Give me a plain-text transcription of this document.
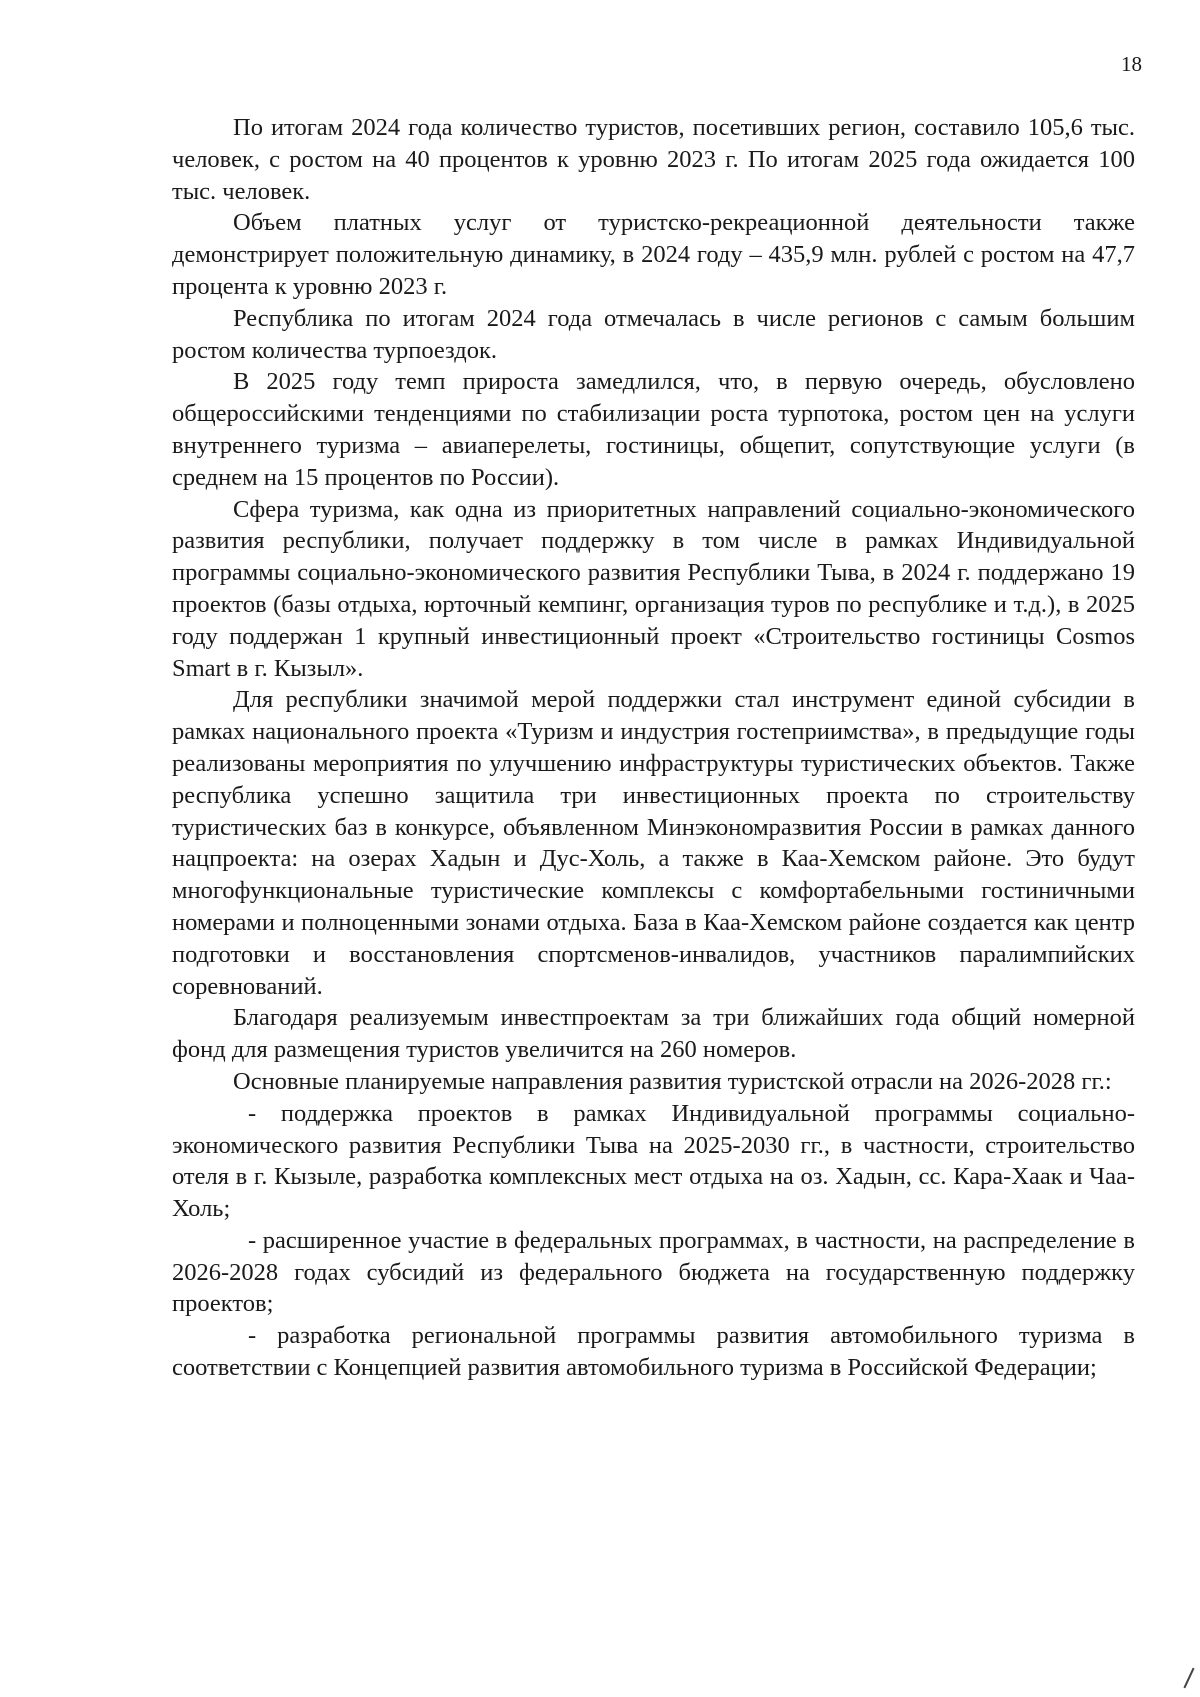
18

По итогам 2024 года количество туристов, посетивших регион, составило 105,6 тыс. человек, с ростом на 40 процентов к уровню 2023 г. По итогам 2025 года ожидается 100 тыс. человек.

Объем платных услуг от туристско-рекреационной деятельности также демонстрирует положительную динамику, в 2024 году – 435,9 млн. рублей с ростом на 47,7 процента к уровню 2023 г.

Республика по итогам 2024 года отмечалась в числе регионов с самым большим ростом количества турпоездок.

В 2025 году темп прироста замедлился, что, в первую очередь, обусловлено общероссийскими тенденциями по стабилизации роста турпотока, ростом цен на услуги внутреннего туризма – авиаперелеты, гостиницы, общепит, сопутствующие услуги (в среднем на 15 процентов по России).

Сфера туризма, как одна из приоритетных направлений социально-экономического развития республики, получает поддержку в том числе в рамках Индивидуальной программы социально-экономического развития Республики Тыва, в 2024 г. поддержано 19 проектов (базы отдыха, юрточный кемпинг, организация туров по республике и т.д.), в 2025 году поддержан 1 крупный инвестиционный проект «Строительство гостиницы Cosmos Smart в г. Кызыл».

Для республики значимой мерой поддержки стал инструмент единой субсидии в рамках национального проекта «Туризм и индустрия гостеприимства», в предыдущие годы реализованы мероприятия по улучшению инфраструктуры туристических объектов. Также республика успешно защитила три инвестиционных проекта по строительству туристических баз в конкурсе, объявленном Минэкономразвития России в рамках данного нацпроекта: на озерах Хадын и Дус-Холь, а также в Каа-Хемском районе. Это будут многофункциональные туристические комплексы с комфортабельными гостиничными номерами и полноценными зонами отдыха. База в Каа-Хемском районе создается как центр подготовки и восстановления спортсменов-инвалидов, участников паралимпийских соревнований.

Благодаря реализуемым инвестпроектам за три ближайших года общий номерной фонд для размещения туристов увеличится на 260 номеров.

Основные планируемые направления развития туристской отрасли на 2026-2028 гг.:

- поддержка проектов в рамках Индивидуальной программы социально-экономического развития Республики Тыва на 2025-2030 гг., в частности, строительство отеля в г. Кызыле, разработка комплексных мест отдыха на оз. Хадын, сс. Кара-Хаак и Чаа-Холь;

- расширенное участие в федеральных программах, в частности, на распределение в 2026-2028 годах субсидий из федерального бюджета на государственную поддержку проектов;

- разработка региональной программы развития автомобильного туризма в соответствии с Концепцией развития автомобильного туризма в Российской Федерации;
